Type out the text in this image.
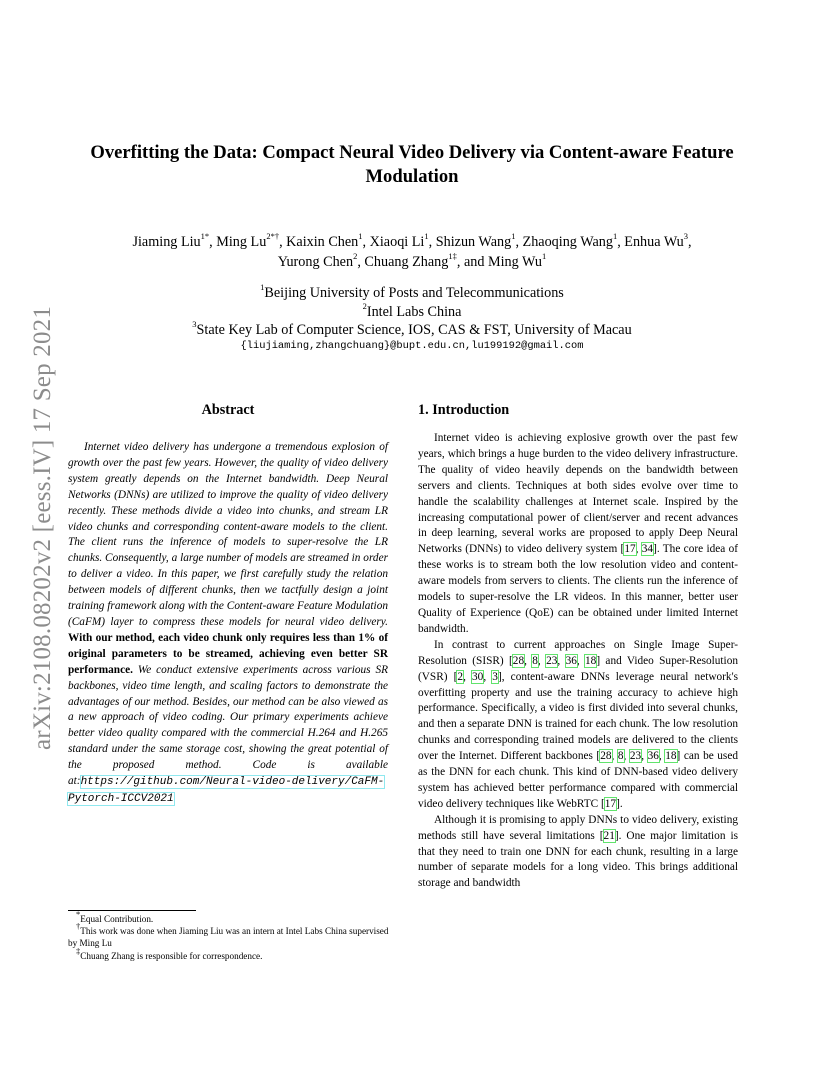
arXiv:2108.08202v2 [eess.IV] 17 Sep 2021
Overfitting the Data: Compact Neural Video Delivery via Content-aware Feature Modulation
Jiaming Liu$^{1*}$, Ming $Lu^{2*\dagger}$, Kaixin Chen$^1$, Xiaoqi Li$^1$, Shizun Wang$^1$, Zhaoqing Wang$^1$, Enhua Wu$^3$,
Yurong Chen$^2$, Chuang Zhang$^{1\ddagger}$, and Ming Wu$^1$
$^1$Beijing University of Posts and Telecommunications
$^2$Intel Labs China
$^3$State Key Lab of Computer Science, IOS, CAS & FST, University of Macau
{liujiaming,zhangchuang}@bupt.edu.cn,lu199192@gmail.com
Abstract	1. Introduction

Internet video delivery has undergone a tremendous explosion of growth over the past few years. However, the quality of video delivery system greatly depends on the Internet bandwidth. Deep Neural Networks (DNNs) are utilized to improve the quality of video delivery recently. These methods divide a video into chunks, and stream LR video chunks and corresponding content-aware models to the client. The client runs the inference of models to super-resolve the LR chunks. Consequently, a large number of models are streamed in order to deliver a video. In this paper, we first carefully study the relation between models of different chunks, then we tactfully design a joint training framework along with the Content-aware Feature Modulation (CaFM) layer to compress these models for neural video delivery. With our method, each video chunk only requires less than 1% of original parameters to be streamed, achieving even better SR performance. We conduct extensive experiments across various SR backbones, video time length, and scaling factors to demonstrate the advantages of our method. Besides, our method can be also viewed as a new approach of video coding. Our primary experiments achieve better video quality compared with the commercial H.264 and H.265 standard under the same storage cost, showing the great potential of the proposed method. Code is available at:https://github.com/Neural-video-delivery/CaFM-Pytorch-ICCV2021

Internet video is achieving explosive growth over the past few years, which brings a huge burden to the video delivery infrastructure. The quality of video heavily depends on the bandwidth between servers and clients. Techniques at both sides evolve over time to handle the scalability challenges at Internet scale. Inspired by the increasing computational power of client/server and recent advances in deep learning, several works are proposed to apply Deep Neural Networks (DNNs) to video delivery system [17, 34]. The core idea of these works is to stream both the low resolution video and content-aware models from servers to clients. The clients run the inference of models to super-resolve the LR videos. In this manner, better user Quality of Experience (QoE) can be obtained under limited Internet bandwidth.

In contrast to current approaches on Single Image Super-Resolution (SISR) [28, 8, 23, 36, 18] and Video Super-Resolution (VSR) [2, 30, 3], content-aware DNNs leverage neural network's overfitting property and use the training accuracy to achieve high performance. Specifically, a video is first divided into several chunks, and then a separate DNN is trained for each chunk. The low resolution chunks and corresponding trained models are delivered to the clients over the Internet. Different backbones [28, 8, 23, 36, 18] can be used as the DNN for each chunk. This kind of DNN-based video delivery system has achieved better performance compared with commercial video delivery techniques like WebRTC [17].

Although it is promising to apply DNNs to video delivery, existing methods still have several limitations [21]. One major limitation is that they need to train one DNN for each chunk, resulting in a large number of separate models for a long video. This brings additional storage and bandwidth

*Equal Contribution.
†This work was done when Jiaming Liu was an intern at Intel Labs China supervised by Ming Lu
‡Chuang Zhang is responsible for correspondence.
